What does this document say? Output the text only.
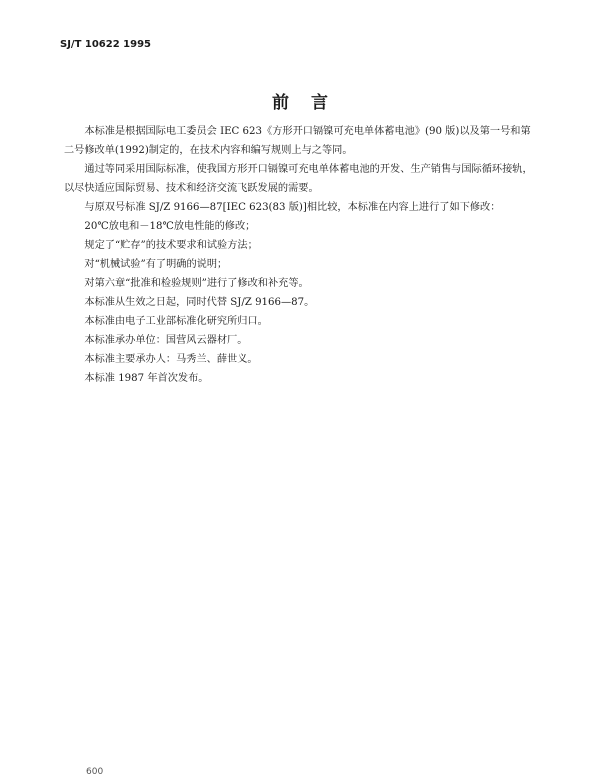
SJ/T 10622 1995
前言

本标准是根据国际电工委员会 IEC 623《方形开口镉镍可充电单体蓄电池》(90 版)以及第一号和第二号修改单(1992)制定的，在技术内容和编写规则上与之等同。

通过等同采用国际标准，使我国方形开口镉镍可充电单体蓄电池的开发、生产销售与国际循环接轨，以尽快适应国际贸易、技术和经济交流飞跃发展的需要。

与原双号标准 SJ/Z 9166—87[IEC 623(83 版)]相比较，本标准在内容上进行了如下修改：

20℃放电和－18℃放电性能的修改；

规定了“贮存”的技术要求和试验方法；

对“机械试验”有了明确的说明；

对第六章“批准和检验规则”进行了修改和补充等。

本标准从生效之日起，同时代替 SJ/Z 9166—87。

本标准由电子工业部标准化研究所归口。

本标准承办单位：国营风云器材厂。

本标准主要承办人：马秀兰、薛世义。

本标准 1987 年首次发布。

600
